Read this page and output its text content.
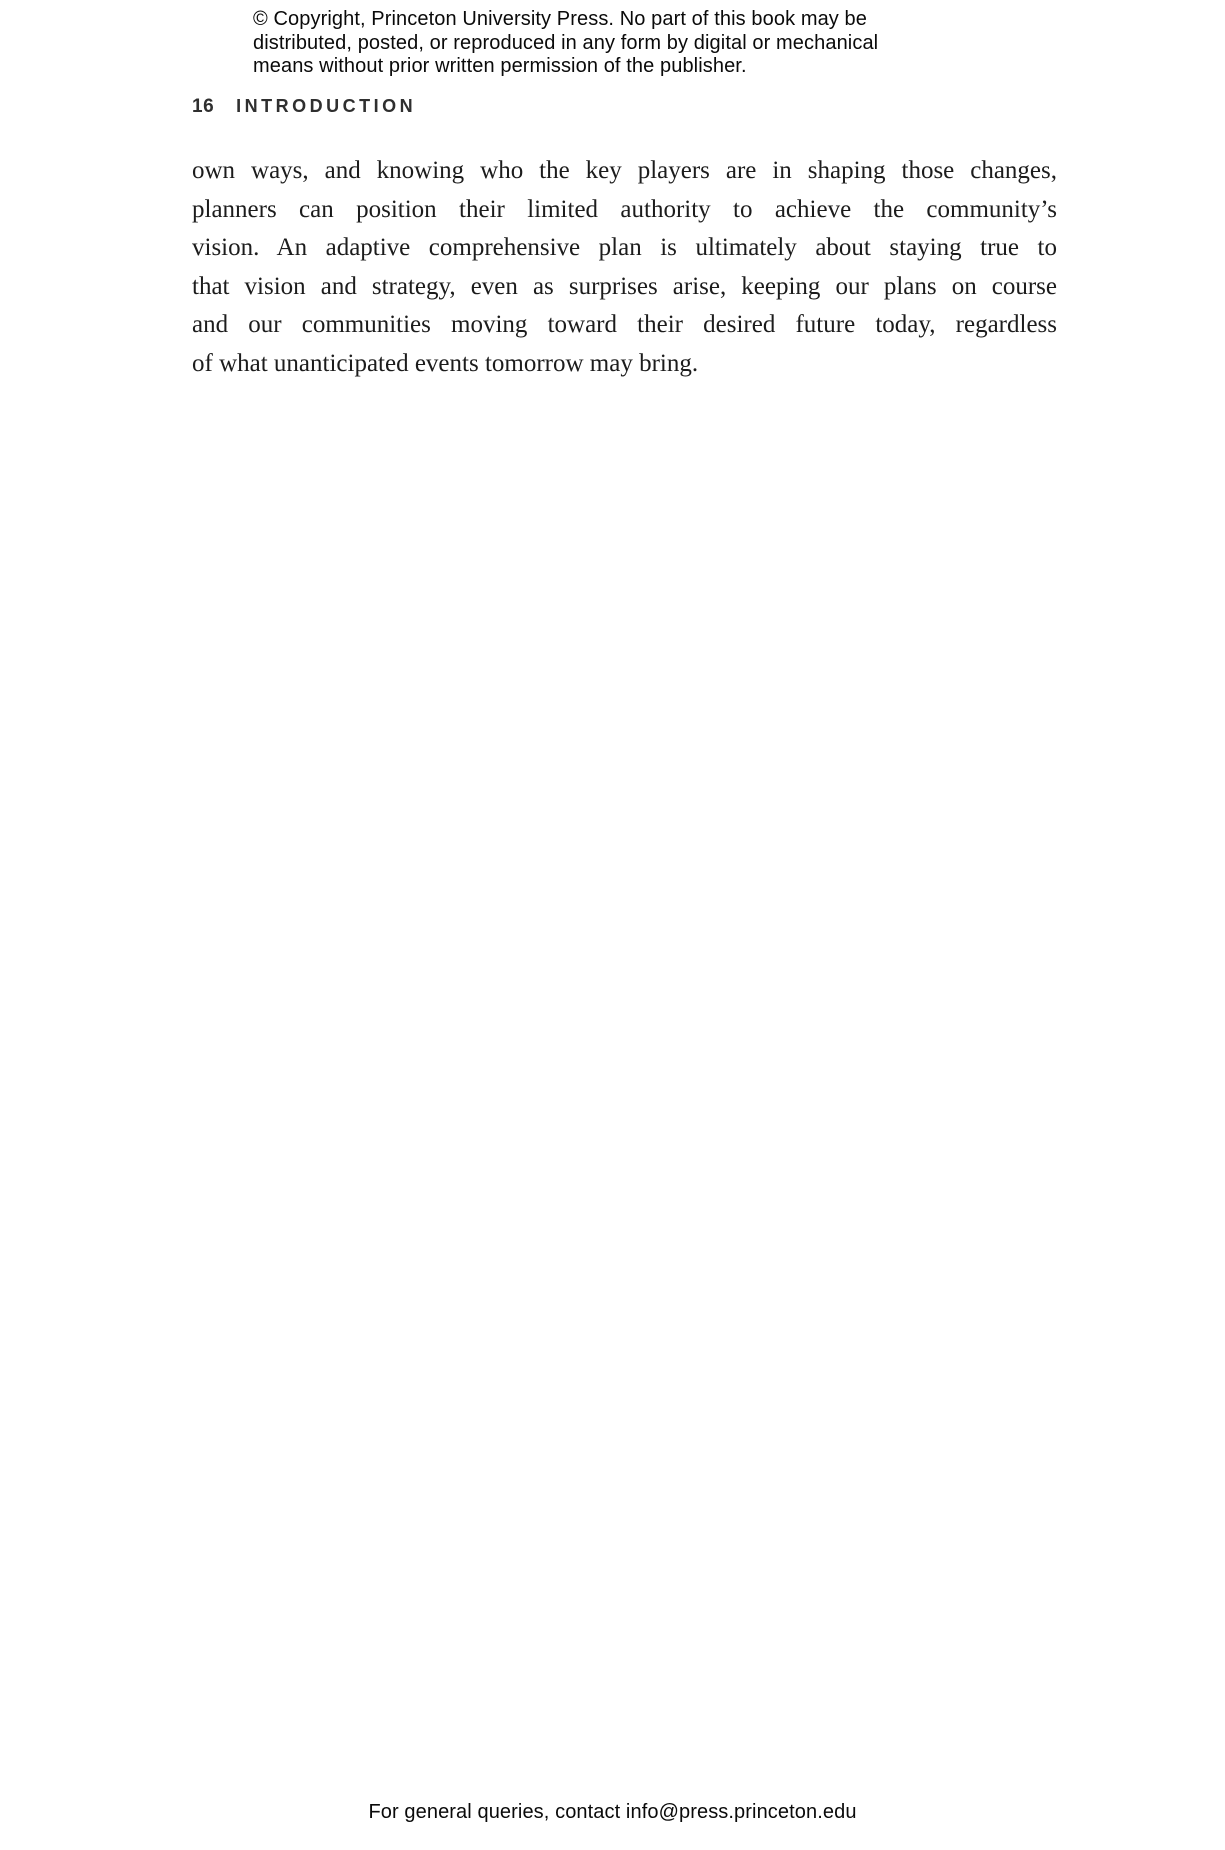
© Copyright, Princeton University Press. No part of this book may be
distributed, posted, or reproduced in any form by digital or mechanical
means without prior written permission of the publisher.
16 INTRODUCTION
own ways, and knowing who the key players are in shaping those changes,
planners can position their limited authority to achieve the community’s
vision. An adaptive comprehensive plan is ultimately about staying true to
that vision and strategy, even as surprises arise, keeping our plans on course
and our communities moving toward their desired future today, regardless
of what unanticipated events tomorrow may bring.
For general queries, contact info@press.princeton.edu
